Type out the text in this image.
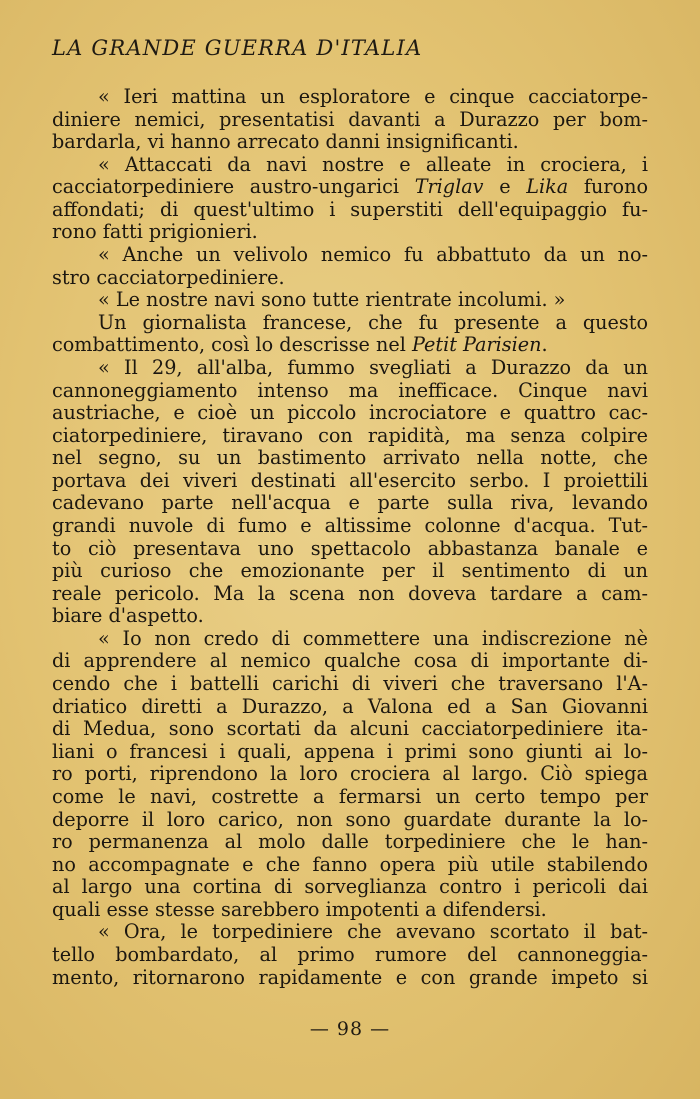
LA GRANDE GUERRA D'ITALIA
« Ieri mattina un esploratore e cinque cacciatorpe-
diniere nemici, presentatisi davanti a Durazzo per bom-
bardarla, vi hanno arrecato danni insignificanti.
« Attaccati da navi nostre e alleate in crociera, i
cacciatorpediniere austro-ungarici Triglav e Lika furono
affondati; di quest'ultimo i superstiti dell'equipaggio fu-
rono fatti prigionieri.
« Anche un velivolo nemico fu abbattuto da un no-
stro cacciatorpediniere.
« Le nostre navi sono tutte rientrate incolumi. »
Un giornalista francese, che fu presente a questo
combattimento, così lo descrisse nel Petit Parisien.
« Il 29, all'alba, fummo svegliati a Durazzo da un
cannoneggiamento intenso ma inefficace. Cinque navi
austriache, e cioè un piccolo incrociatore e quattro cac-
ciatorpediniere, tiravano con rapidità, ma senza colpire
nel segno, su un bastimento arrivato nella notte, che
portava dei viveri destinati all'esercito serbo. I proiettili
cadevano parte nell'acqua e parte sulla riva, levando
grandi nuvole di fumo e altissime colonne d'acqua. Tut-
to ciò presentava uno spettacolo abbastanza banale e
più curioso che emozionante per il sentimento di un
reale pericolo. Ma la scena non doveva tardare a cam-
biare d'aspetto.
« Io non credo di commettere una indiscrezione nè
di apprendere al nemico qualche cosa di importante di-
cendo che i battelli carichi di viveri che traversano l'A-
driatico diretti a Durazzo, a Valona ed a San Giovanni
di Medua, sono scortati da alcuni cacciatorpediniere ita-
liani o francesi i quali, appena i primi sono giunti ai lo-
ro porti, riprendono la loro crociera al largo. Ciò spiega
come le navi, costrette a fermarsi un certo tempo per
deporre il loro carico, non sono guardate durante la lo-
ro permanenza al molo dalle torpediniere che le han-
no accompagnate e che fanno opera più utile stabilendo
al largo una cortina di sorveglianza contro i pericoli dai
quali esse stesse sarebbero impotenti a difendersi.
« Ora, le torpediniere che avevano scortato il bat-
tello bombardato, al primo rumore del cannoneggia-
mento, ritornarono rapidamente e con grande impeto si
— 98 —
